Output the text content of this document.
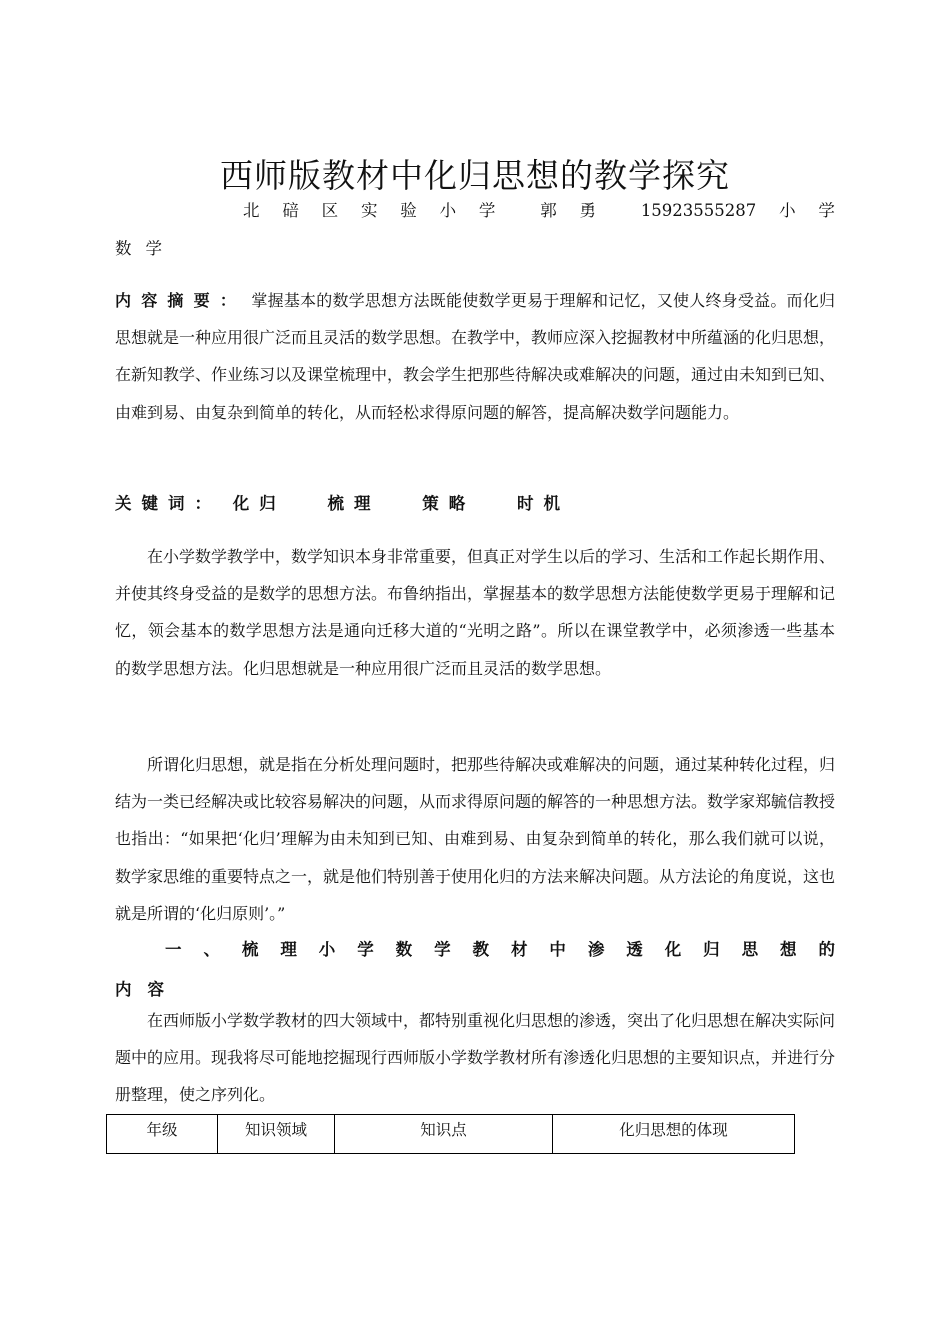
西师版教材中化归思想的教学探究
北 碚 区 实 验 小 学	郭 勇	15923555287 小 学
数学
内容摘要： 掌握基本的数学思想方法既能使数学更易于理解和记忆，又使人终身受益。而化归思想就是一种应用很广泛而且灵活的数学思想。在教学中，教师应深入挖掘教材中所蕴涵的化归思想，在新知教学、作业练习以及课堂梳理中，教会学生把那些待解决或难解决的问题，通过由未知到已知、由难到易、由复杂到简单的转化，从而轻松求得原问题的解答，提高解决数学问题能力。
关键词： 化归	梳理	策略	时机

在小学数学教学中，数学知识本身非常重要，但真正对学生以后的学习、生活和工作起长期作用、并使其终身受益的是数学的思想方法。布鲁纳指出，掌握基本的数学思想方法能使数学更易于理解和记忆，领会基本的数学思想方法是通向迁移大道的“光明之路”。所以在课堂教学中，必须渗透一些基本的数学思想方法。化归思想就是一种应用很广泛而且灵活的数学思想。

所谓化归思想，就是指在分析处理问题时，把那些待解决或难解决的问题，通过某种转化过程，归结为一类已经解决或比较容易解决的问题，从而求得原问题的解答的一种思想方法。数学家郑毓信教授也指出：“如果把‘化归’理解为由未知到已知、由难到易、由复杂到简单的转化，那么我们就可以说，数学家思维的重要特点之一，就是他们特别善于使用化归的方法来解决问题。从方法论的角度说，这也就是所谓的‘化归原则’。”

一 、 梳 理 小 学 数 学 教 材 中 渗 透 化 归 思 想 的
内容

在西师版小学数学教材的四大领域中，都特别重视化归思想的渗透，突出了化归思想在解决实际问题中的应用。现我将尽可能地挖掘现行西师版小学数学教材所有渗透化归思想的主要知识点，并进行分册整理，使之序列化。

年级	知识领域	知识点	化归思想的体现
